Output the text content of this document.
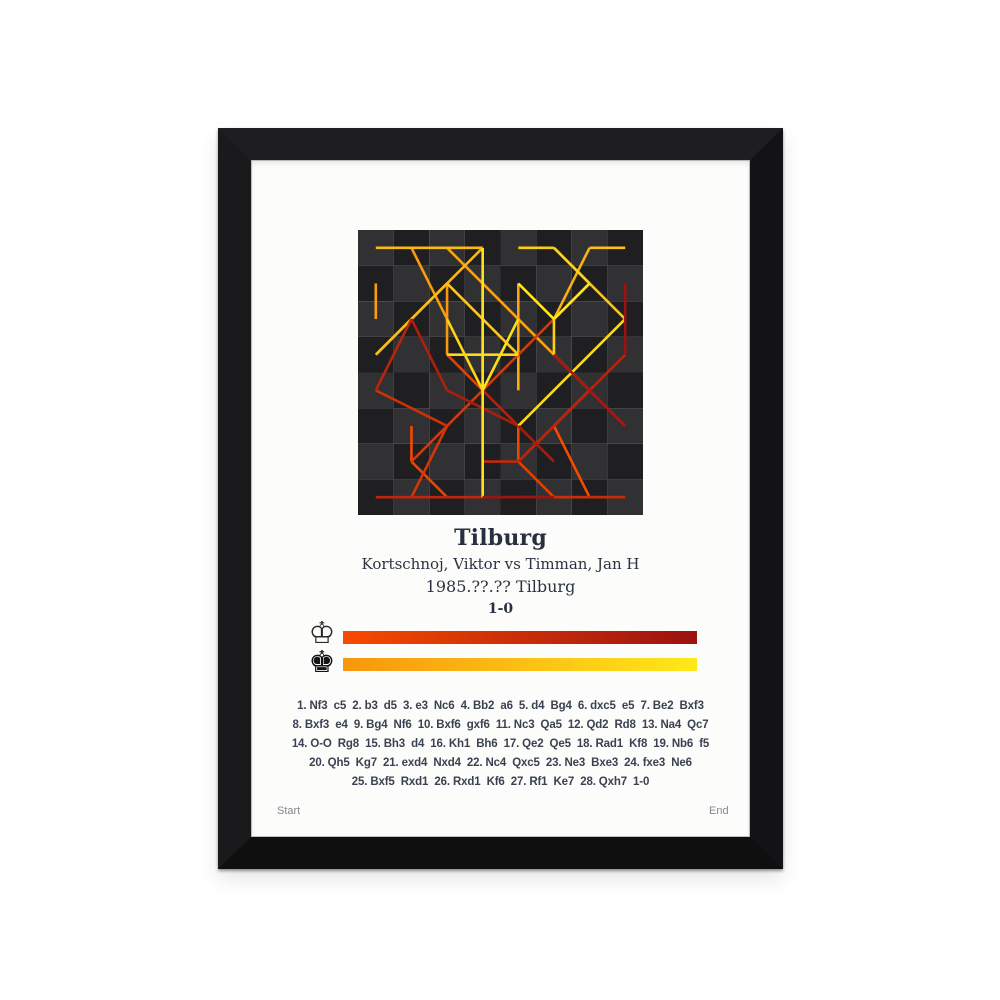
Tilburg
Kortschnoj, Viktor vs Timman, Jan H
1985.??.?? Tilburg
1-0
Start
♔
♚
End
1. Nf3  c5  2. b3  d5  3. e3  Nc6  4. Bb2  a6  5. d4  Bg4  6. dxc5  e5  7. Be2  Bxf3
8. Bxf3  e4  9. Bg4  Nf6  10. Bxf6  gxf6  11. Nc3  Qa5  12. Qd2  Rd8  13. Na4  Qc7
14. O-O  Rg8  15. Bh3  d4  16. Kh1  Bh6  17. Qe2  Qe5  18. Rad1  Kf8  19. Nb6  f5
20. Qh5  Kg7  21. exd4  Nxd4  22. Nc4  Qxc5  23. Ne3  Bxe3  24. fxe3  Ne6
25. Bxf5  Rxd1  26. Rxd1  Kf6  27. Rf1  Ke7  28. Qxh7  1-0
